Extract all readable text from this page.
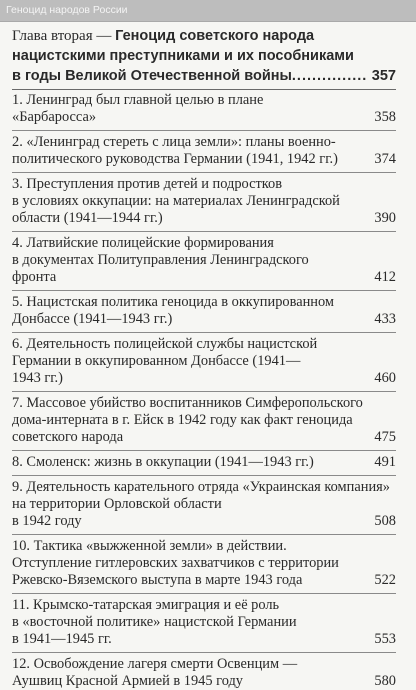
Геноцид народов России
Глава вторая — Геноцид советского народа
нацистскими преступниками и их пособниками
в годы Великой Отечественной войны............... 357
1. Ленинград был главной целью в плане
«Барбаросса»	358
2. «Ленинград стереть с лица земли»: планы военно-
политического руководства Германии (1941, 1942 гг.)	374
3. Преступления против детей и подростков
в условиях оккупации: на материалах Ленинградской
области (1941—1944 гг.)	390
4. Латвийские полицейские формирования
в документах Политуправления Ленинградского
фронта	412
5. Нацистская политика геноцида в оккупированном
Донбассе (1941—1943 гг.)	433
6. Деятельность полицейской службы нацистской
Германии в оккупированном Донбассе (1941—
1943 гг.)	460
7. Массовое убийство воспитанников Симферопольского
дома-интерната в г. Ейск в 1942 году как факт геноцида
советского народа	475
8. Смоленск: жизнь в оккупации (1941—1943 гг.)	491
9. Деятельность карательного отряда «Украинская компания»
на территории Орловской области
в 1942 году	508
10. Тактика «выжженной земли» в действии.
Отступление гитлеровских захватчиков с территории
Ржевско-Вяземского выступа в марте 1943 года	522
11. Крымско-татарская эмиграция и её роль
в «восточной политике» нацистской Германии
в 1941—1945 гг.	553
12. Освобождение лагеря смерти Освенцим —
Аушвиц Красной Армией в 1945 году	580
